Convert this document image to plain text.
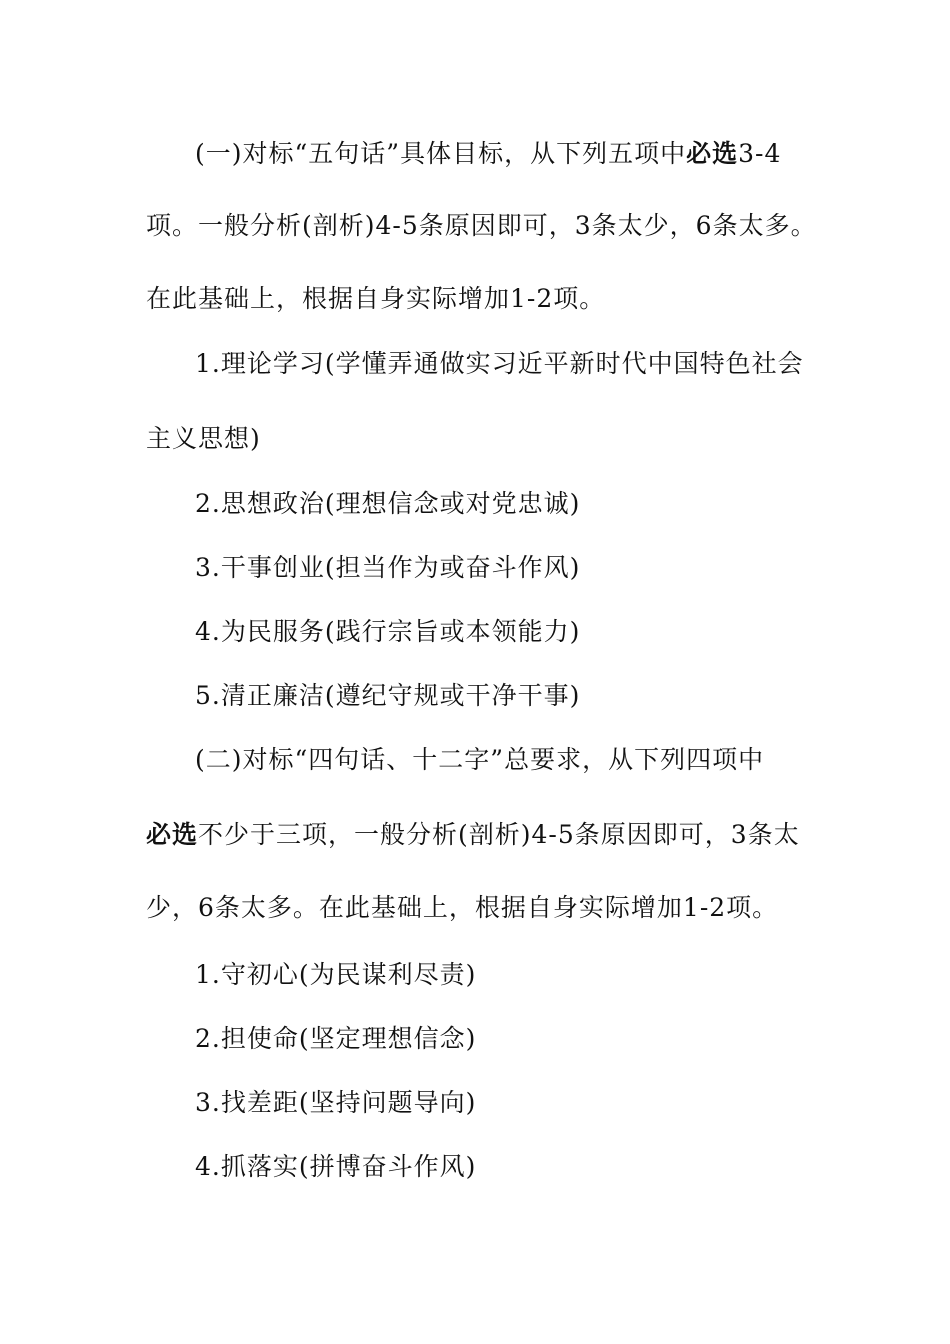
(一)对标“五句话”具体目标，从下列五项中必选3-4
项。一般分析(剖析)4-5条原因即可，3条太少，6条太多。
在此基础上，根据自身实际增加1-2项。
1.理论学习(学懂弄通做实习近平新时代中国特色社会
主义思想)
2.思想政治(理想信念或对党忠诚)
3.干事创业(担当作为或奋斗作风)
4.为民服务(践行宗旨或本领能力)
5.清正廉洁(遵纪守规或干净干事)
(二)对标“四句话、十二字”总要求，从下列四项中
必选不少于三项，一般分析(剖析)4-5条原因即可，3条太
少，6条太多。在此基础上，根据自身实际增加1-2项。
1.守初心(为民谋利尽责)
2.担使命(坚定理想信念)
3.找差距(坚持问题导向)
4.抓落实(拼博奋斗作风)
